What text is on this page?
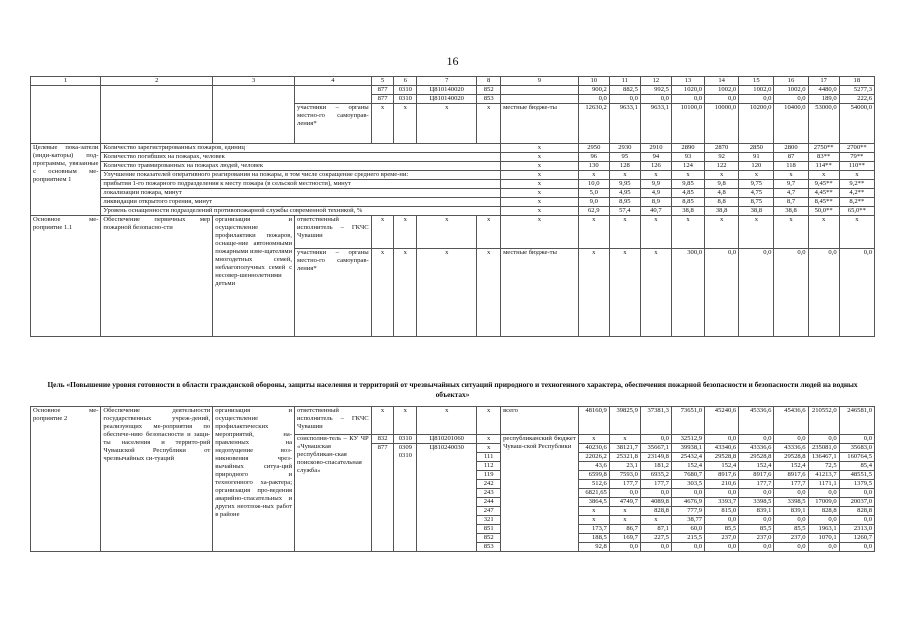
16
1	2	3	4	5	6	7	8	9	10	11	12	13	14	15	16	17	18
				877	0310	Ц810140020	852		900,2	882,5	992,5	1020,0	1002,0	1002,0	1002,0	4480,0	5277,3
				877	0310	Ц810140020	853		0,0	0,0	0,0	0,0	0,0	0,0	0,0	189,0	222,6
			участники – органы местно-го самоуправ-ления*	х	х	х	х	местные бюдже-ты	12630,2	9633,1	9633,1	10100,0	10000,0	10200,0	10400,0	53000,0	54000,0
Целевые пока-затели (инди-каторы) под-программы, увязанные с основным ме-роприятием 1	Количество зарегистрированных пожаров, единиц							х	2950	2930	2910	2890	2870	2850	2800	2750**	2700**
	Количество погибших на пожарах, человек							х	96	95	94	93	92	91	87	83**	79**
	Количество травмированных на пожарах людей, человек							х	130	128	126	124	122	120	118	114**	110**
	Улучшение показателей оперативного реагирования на пожары, в том числе сокращение среднего време-ни:							х	х	х	х	х	х	х	х	х	х
	прибытия 1-го пожарного подразделения к месту пожара (в сельской местности), минут							х	10,0	9,95	9,9	9,85	9,8	9,75	9,7	9,45**	9,2**
	локализации пожара, минут							х	5,0	4,95	4,9	4,85	4,8	4,75	4,7	4,45**	4,2**
	ликвидации открытого горения, минут							х	9,0	8,95	8,9	8,85	8,8	8,75	8,7	8,45**	8,2**
	Уровень оснащенности подразделений противопожарной службы современной техникой, %							х	62,9	57,4	40,7	38,8	38,8	38,8	38,8	50,0**	65,0**
Основное ме-роприятие 1.1	Обеспечение первичных мер пожарной безопасно-сти	организация и осуществление профилактики пожаров, оснаще-ние автономными пожарными изве-щателями многодетных семей, неблагополучных семей с несовер-шеннолетними детьми	ответственный исполнитель – ГКЧС Чувашии	х	х	х	х	х	х	х	х	х	х	х	х	х	х
			участники – органы местно-го самоуправ-ления*	х	х	х	х	местные бюдже-ты	х	х	х	300,0	0,0	0,0	0,0	0,0	0,0
Цель «Повышение уровня готовности в области гражданской обороны, защиты населения и территорий от чрезвычайных ситуаций природного и техногенного характера, обеспечения пожарной безопасности и безопасности людей на водных объектах»
Основное ме-роприятие 2	Обеспечение деятельности государственных учреж-дений, реализующих ме-роприятия по обеспече-нию безопасности и защи-ты населения и террито-рий Чувашской Республики от чрезвычайных си-туаций	организация и осуществление профилактических мероприятий, на-правленных на недопущение воз-никновения чрез-вычайных ситуа-ций природного и техногенного ха-рактера; организация про-ведения аварийно-спасательных и других неотлож-ных работ в районе	ответственный исполнитель – ГКЧС Чувашии	х	х	х	х	всего	48160,9	39825,9	37381,3	73651,0	45240,6	45336,6	45436,6	210552,0	246581,0
			соисполни-тель – КУ ЧР «Чувашская республикан-ская поисково-спасательная служба»	832	0310	Ц810201060	х	республиканский бюджет Чуваш-ской Республики	х	х	0,0	32512,9	0,0	0,0	0,0	0,0	0,0
				877	0309 0310	Ц810240030	х		40230,6	38121,7	35667,1	39938,1	43340,6	43336,6	43336,6	235081,0	35683,0
							111		22026,2	25321,8	23149,8	25432,4	29528,8	29528,8	29528,8	136467,1	160764,5
							112		43,6	23,1	181,2	152,4	152,4	152,4	152,4	72,5	85,4
							119		6599,8	7593,0	6935,2	7680,7	8917,6	8917,6	8917,6	41213,7	48551,5
							242		512,6	177,7	177,7	303,5	210,6	177,7	177,7	1171,1	1379,5
							243		6821,65	0,0	0,0	0,0	0,0	0,0	0,0	0,0	0,0
							244		3864,5	4749,7	4089,8	4676,9	3393,7	3398,5	3398,5	17009,0	20037,0
							247		х	х	828,8	777,9	815,0	839,1	839,1	828,8	828,8
							321		х	х	х	38,77	0,0	0,0	0,0	0,0	0,0
							851		173,7	86,7	87,1	60,0	85,5	85,5	85,5	1963,1	2313,0
							852		188,5	169,7	227,5	215,5	237,0	237,0	237,0	1070,1	1260,7
							853		92,8	0,0	0,0	0,0	0,0	0,0	0,0	0,0	0,0
